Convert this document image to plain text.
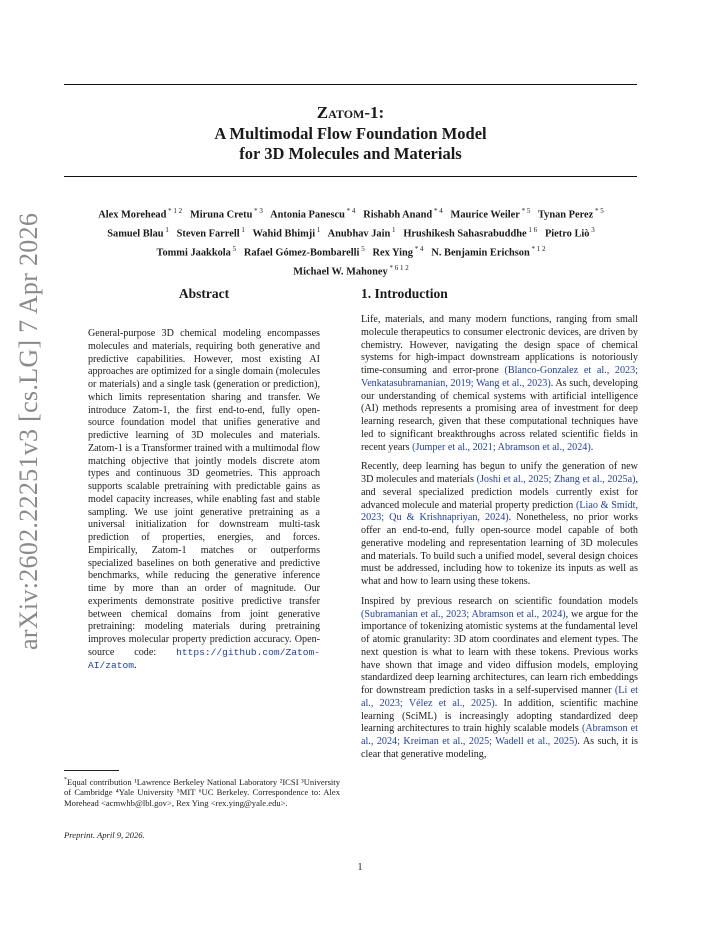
arXiv:2602.22251v3 [cs.LG] 7 Apr 2026
Zatom-1:
A Multimodal Flow Foundation Model
for 3D Molecules and Materials
Alex Morehead $^{* 1 2}$  Miruna Cretu $^{* 3}$  Antonia Panescu $^{* 4}$  Rishabh Anand $^{* 4}$  Maurice Weiler $^{* 5}$  Tynan Perez $^{* 5}$
Samuel Blau $^1$  Steven Farrell $^1$  Wahid Bhimji $^1$  Anubhav Jain $^1$  Hrushikesh Sahasrabuddhe $^{1 6}$  Pietro Liò $^3$
Tommi Jaakkola $^5$  Rafael Gómez-Bombarelli $^5$  Rex Ying $^{* 4}$  N. Benjamin Erichson $^{* 1 2}$
Michael W. Mahoney $^{* 6 1 2}$
Abstract
General-purpose 3D chemical modeling encompasses molecules and materials, requiring both generative and predictive capabilities. However, most existing AI approaches are optimized for a single domain (molecules or materials) and a single task (generation or prediction), which limits representation sharing and transfer. We introduce Zatom-1, the first end-to-end, fully open-source foundation model that unifies generative and predictive learning of 3D molecules and materials. Zatom-1 is a Transformer trained with a multimodal flow matching objective that jointly models discrete atom types and continuous 3D geometries. This approach supports scalable pretraining with predictable gains as model capacity increases, while enabling fast and stable sampling. We use joint generative pretraining as a universal initialization for downstream multi-task prediction of properties, energies, and forces. Empirically, Zatom-1 matches or outperforms specialized baselines on both generative and predictive benchmarks, while reducing the generative inference time by more than an order of magnitude. Our experiments demonstrate positive predictive transfer between chemical domains from joint generative pretraining: modeling materials during pretraining improves molecular property prediction accuracy. Open-source code: https://github.com/Zatom-AI/zatom.
*Equal contribution ¹Lawrence Berkeley National Laboratory ²ICSI ³University of Cambridge ⁴Yale University ⁵MIT ⁶UC Berkeley. Correspondence to: Alex Morehead <acmwhb@lbl.gov>, Rex Ying <rex.ying@yale.edu>.
Preprint. April 9, 2026.
1. Introduction

Life, materials, and many modern functions, ranging from small molecule therapeutics to consumer electronic devices, are driven by chemistry. However, navigating the design space of chemical systems for high-impact downstream applications is notoriously time-consuming and error-prone (Blanco-Gonzalez et al., 2023; Venkatasubramanian, 2019; Wang et al., 2023). As such, developing our understanding of chemical systems with artificial intelligence (AI) methods represents a promising area of investment for deep learning research, given that these computational techniques have led to significant breakthroughs across related scientific fields in recent years (Jumper et al., 2021; Abramson et al., 2024).

Recently, deep learning has begun to unify the generation of new 3D molecules and materials (Joshi et al., 2025; Zhang et al., 2025a), and several specialized prediction models currently exist for advanced molecule and material property prediction (Liao & Smidt, 2023; Qu & Krishnapriyan, 2024). Nonetheless, no prior works offer an end-to-end, fully open-source model capable of both generative modeling and representation learning of 3D molecules and materials. To build such a unified model, several design choices must be addressed, including how to tokenize its inputs as well as what and how to learn using these tokens.

Inspired by previous research on scientific foundation models (Subramanian et al., 2023; Abramson et al., 2024), we argue for the importance of tokenizing atomistic systems at the fundamental level of atomic granularity: 3D atom coordinates and element types. The next question is what to learn with these tokens. Previous works have shown that image and video diffusion models, employing standardized deep learning architectures, can learn rich embeddings for downstream prediction tasks in a self-supervised manner (Li et al., 2023; Vélez et al., 2025). In addition, scientific machine learning (SciML) is increasingly adopting standardized deep learning architectures to train highly scalable models (Abramson et al., 2024; Kreiman et al., 2025; Wadell et al., 2025). As such, it is clear that generative modeling,

1
